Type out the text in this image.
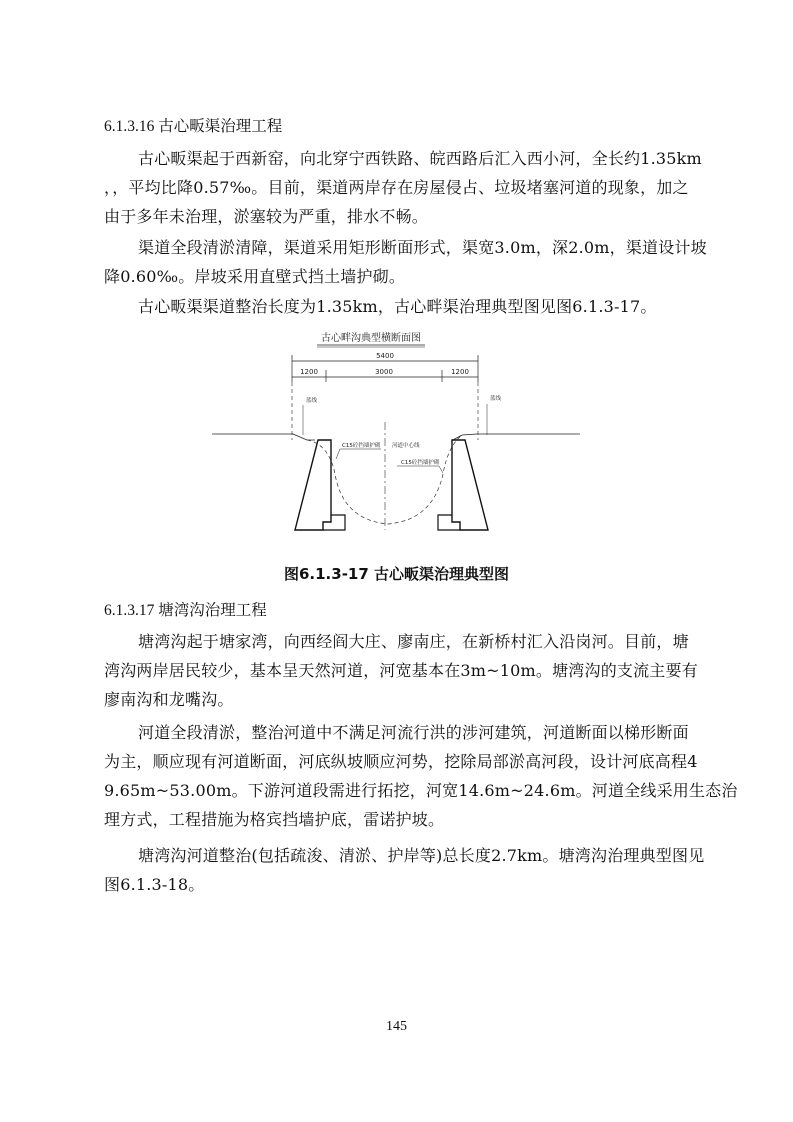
6.1.3.16 古心畈渠治理工程
古心畈渠起于西新窑，向北穿宁西铁路、皖西路后汇入西小河，全长约1.35km
，，平均比降0.57‰。目前，渠道两岸存在房屋侵占、垃圾堵塞河道的现象，加之
由于多年未治理，淤塞较为严重，排水不畅。
渠道全段清淤清障，渠道采用矩形断面形式，渠宽3.0m，深2.0m，渠道设计坡
降0.60‰。岸坡采用直壁式挡土墙护砌。
古心畈渠渠道整治长度为1.35km，古心畔渠治理典型图见图6.1.3-17。
古心畔沟典型横断面图
5400
1200	3000	1200
蓝线	蓝线
C15砼挡墙护砌 河道中心线
C15砼挡墙护砌
图6.1.3-17 古心畈渠治理典型图
6.1.3.17 塘湾沟治理工程
塘湾沟起于塘家湾，向西经阎大庄、廖南庄，在新桥村汇入沿岗河。目前，塘
湾沟两岸居民较少，基本呈天然河道，河宽基本在3m~10m。塘湾沟的支流主要有
廖南沟和龙嘴沟。
河道全段清淤，整治河道中不满足河流行洪的涉河建筑，河道断面以梯形断面
为主，顺应现有河道断面，河底纵坡顺应河势，挖除局部淤高河段，设计河底高程4
9.65m~53.00m。下游河道段需进行拓挖，河宽14.6m~24.6m。河道全线采用生态治
理方式，工程措施为格宾挡墙护底，雷诺护坡。
塘湾沟河道整治(包括疏浚、清淤、护岸等)总长度2.7km。塘湾沟治理典型图见
图6.1.3-18。
145
